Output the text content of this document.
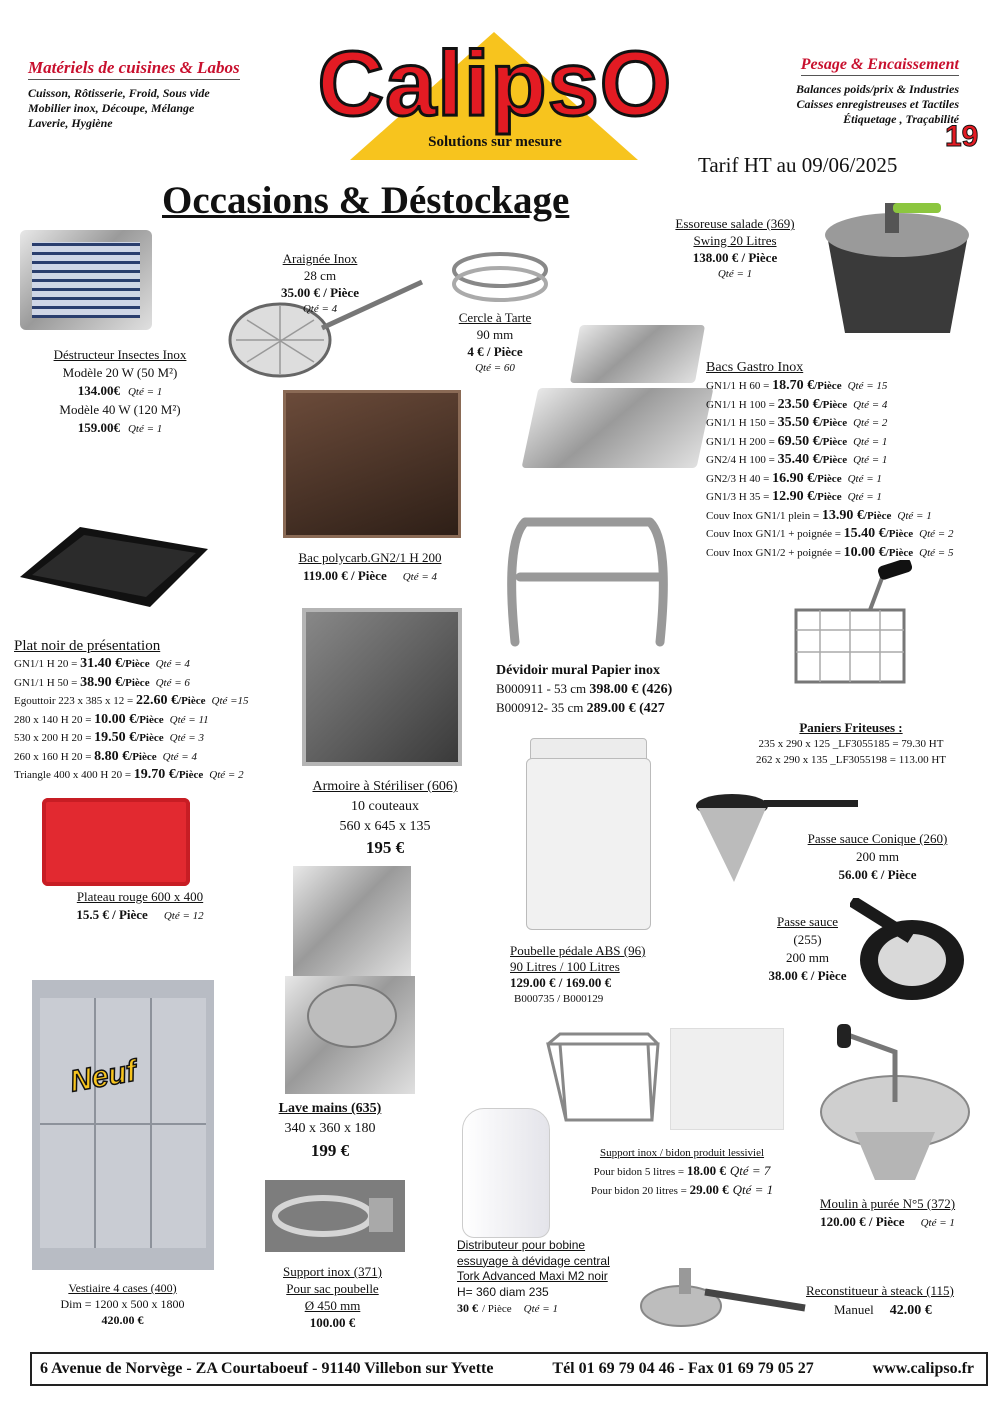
Matériels de cuisines & Labos
Cuisson, Rôtisserie, Froid, Sous vide
Mobilier inox, Découpe, Mélange
Laverie, Hygiène	CalipsO
Solutions sur mesure
Pesage & Encaissement
Balances poids/prix & Industries
Caisses enregistreuses et Tactiles
Étiquetage , Traçabilité
19
Tarif HT au 09/06/2025
Occasions & Déstockage
Neuf
Essoreuse salade (369)
Swing 20 Litres
138.00 € / Pièce
Qté = 1
Araignée Inox
28 cm
35.00 € / Pièce
Qté = 4
Cercle à Tarte
90 mm
4 € / Pièce
Qté = 60
Déstructeur Insectes Inox
Modèle 20 W (50 M²)
134.00€ Qté = 1
Modèle 40 W (120 M²)
159.00€ Qté = 1
Bacs Gastro Inox
GN1/1 H 60 = 18.70 €/Pièce Qté = 15
GN1/1 H 100 = 23.50 €/Pièce Qté = 4
GN1/1 H 150 = 35.50 €/Pièce Qté = 2
GN1/1 H 200 = 69.50 €/Pièce Qté = 1
GN2/4 H 100 = 35.40 €/Pièce Qté = 1
GN2/3 H 40 = 16.90 €/Pièce Qté = 1
GN1/3 H 35 = 12.90 €/Pièce Qté = 1
Couv Inox GN1/1 plein = 13.90 €/Pièce Qté = 1
Couv Inox GN1/1 + poignée = 15.40 €/Pièce Qté = 2
Couv Inox GN1/2 + poignée = 10.00 €/Pièce Qté = 5
Bac polycarb.GN2/1 H 200
119.00 € / Pièce Qté = 4
Plat noir de présentation
GN1/1 H 20 = 31.40 €/Pièce Qté = 4
GN1/1 H 50 = 38.90 €/Pièce Qté = 6
Egouttoir 223 x 385 x 12 = 22.60 €/Pièce Qté =15
280 x 140 H 20 = 10.00 €/Pièce Qté = 11
530 x 200 H 20 = 19.50 €/Pièce Qté = 3
260 x 160 H 20 = 8.80 €/Pièce Qté = 4
Triangle 400 x 400 H 20 = 19.70 €/Pièce Qté = 2
Dévidoir mural Papier inox
B000911 - 53 cm 398.00 € (426)
B000912- 35 cm 289.00 € (427
Armoire à Stériliser (606)
10 couteaux
560 x 645 x 135
195 €
Paniers Friteuses :
235 x 290 x 125 _LF3055185 = 79.30 HT
262 x 290 x 135 _LF3055198 = 113.00 HT
Plateau rouge 600 x 400
15.5 € / Pièce Qté = 12
Passe sauce Conique (260)
200 mm
56.00 € / Pièce
Passe sauce
(255)
200 mm
38.00 € / Pièce
Poubelle pédale ABS (96)
90 Litres / 100 Litres
129.00 € / 169.00 €
B000735 / B000129
Lave mains (635)
340 x 360 x 180
199 €
Vestiaire 4 cases (400)
Dim = 1200 x 500 x 1800
420.00 €
Support inox / bidon produit lessiviel
Pour bidon 5 litres = 18.00 € Qté = 7
Pour bidon 20 litres = 29.00 € Qté = 1
Moulin à purée N°5 (372)
120.00 € / Pièce Qté = 1
Support inox (371)
Pour sac poubelle
Ø 450 mm
100.00 €
Distributeur pour bobine
essuyage à dévidage central
Tork Advanced Maxi M2 noir
H= 360 diam 235
30 € / Pièce Qté = 1
Reconstitueur à steack (115)
Manuel 42.00 €
6 Avenue de Norvège - ZA Courtaboeuf - 91140 Villebon sur Yvette	Tél 01 69 79 04 46 - Fax 01 69 79 05 27	www.calipso.fr
